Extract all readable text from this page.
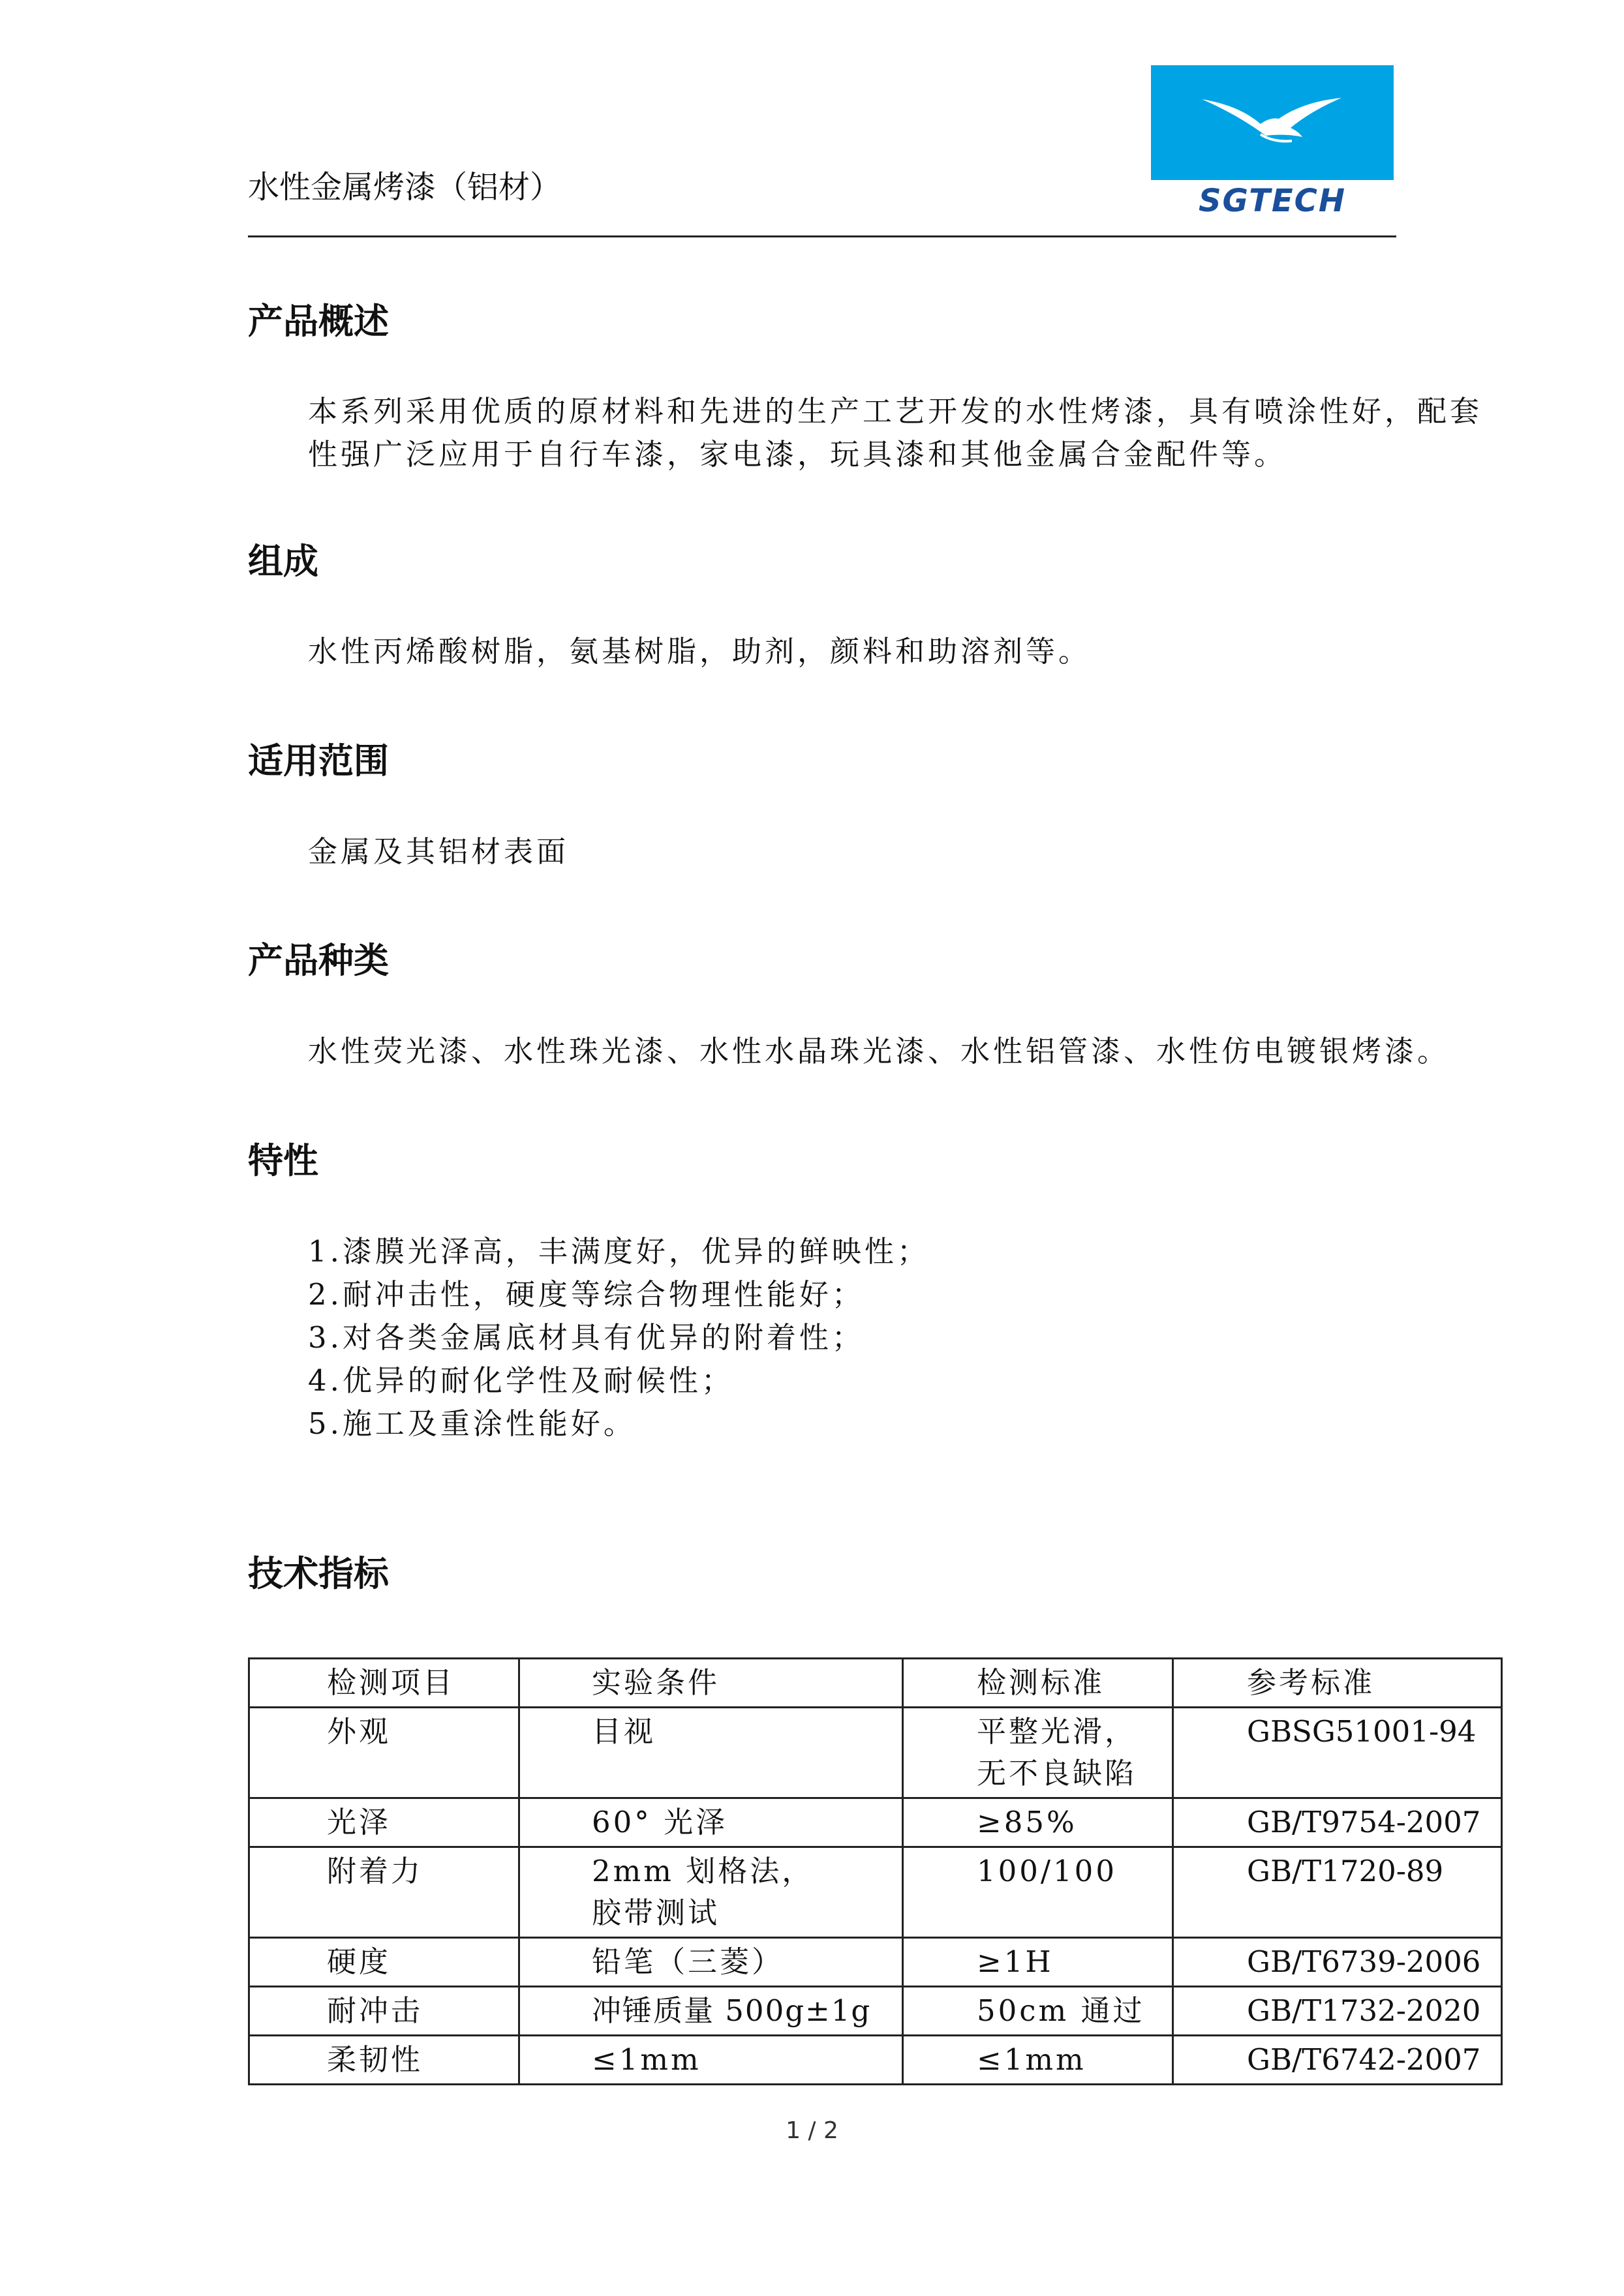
水性金属烤漆（铝材）	SGTECH
产品概述
本系列采用优质的原材料和先进的生产工艺开发的水性烤漆，具有喷涂性好，配套
性强广泛应用于自行车漆，家电漆，玩具漆和其他金属合金配件等。
组成
水性丙烯酸树脂，氨基树脂，助剂，颜料和助溶剂等。
适用范围
金属及其铝材表面
产品种类
水性荧光漆、水性珠光漆、水性水晶珠光漆、水性铝管漆、水性仿电镀银烤漆。
特性
1.漆膜光泽高，丰满度好，优异的鲜映性；
2.耐冲击性，硬度等综合物理性能好；
3.对各类金属底材具有优异的附着性；
4.优异的耐化学性及耐候性；
5.施工及重涂性能好。
技术指标
检测项目	实验条件	检测标准	参考标准
外观	目视	平整光滑，
无不良缺陷	GBSG51001-94
光泽	60° 光泽	≥85%	GB/T9754-2007
附着力	2mm 划格法，
胶带测试	100/100	GB/T1720-89
硬度	铅笔（三菱）	≥1H	GB/T6739-2006
耐冲击	冲锤质量 500g±1g	50cm 通过	GB/T1732-2020
柔韧性	≤1mm	≤1mm	GB/T6742-2007
1 / 2
